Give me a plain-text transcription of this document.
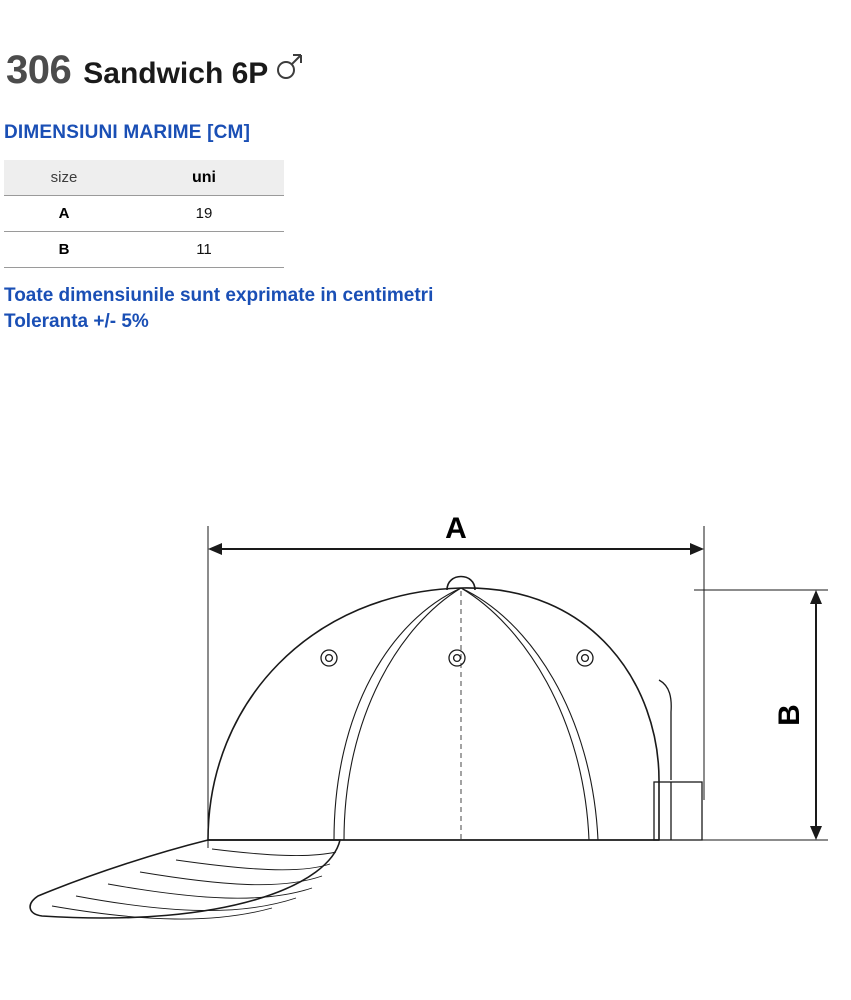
306 Sandwich 6P
DIMENSIUNI MARIME [CM]
size	uni
A	19
B	11
Toate dimensiunile sunt exprimate in centimetri
Toleranta +/- 5%
A
B
